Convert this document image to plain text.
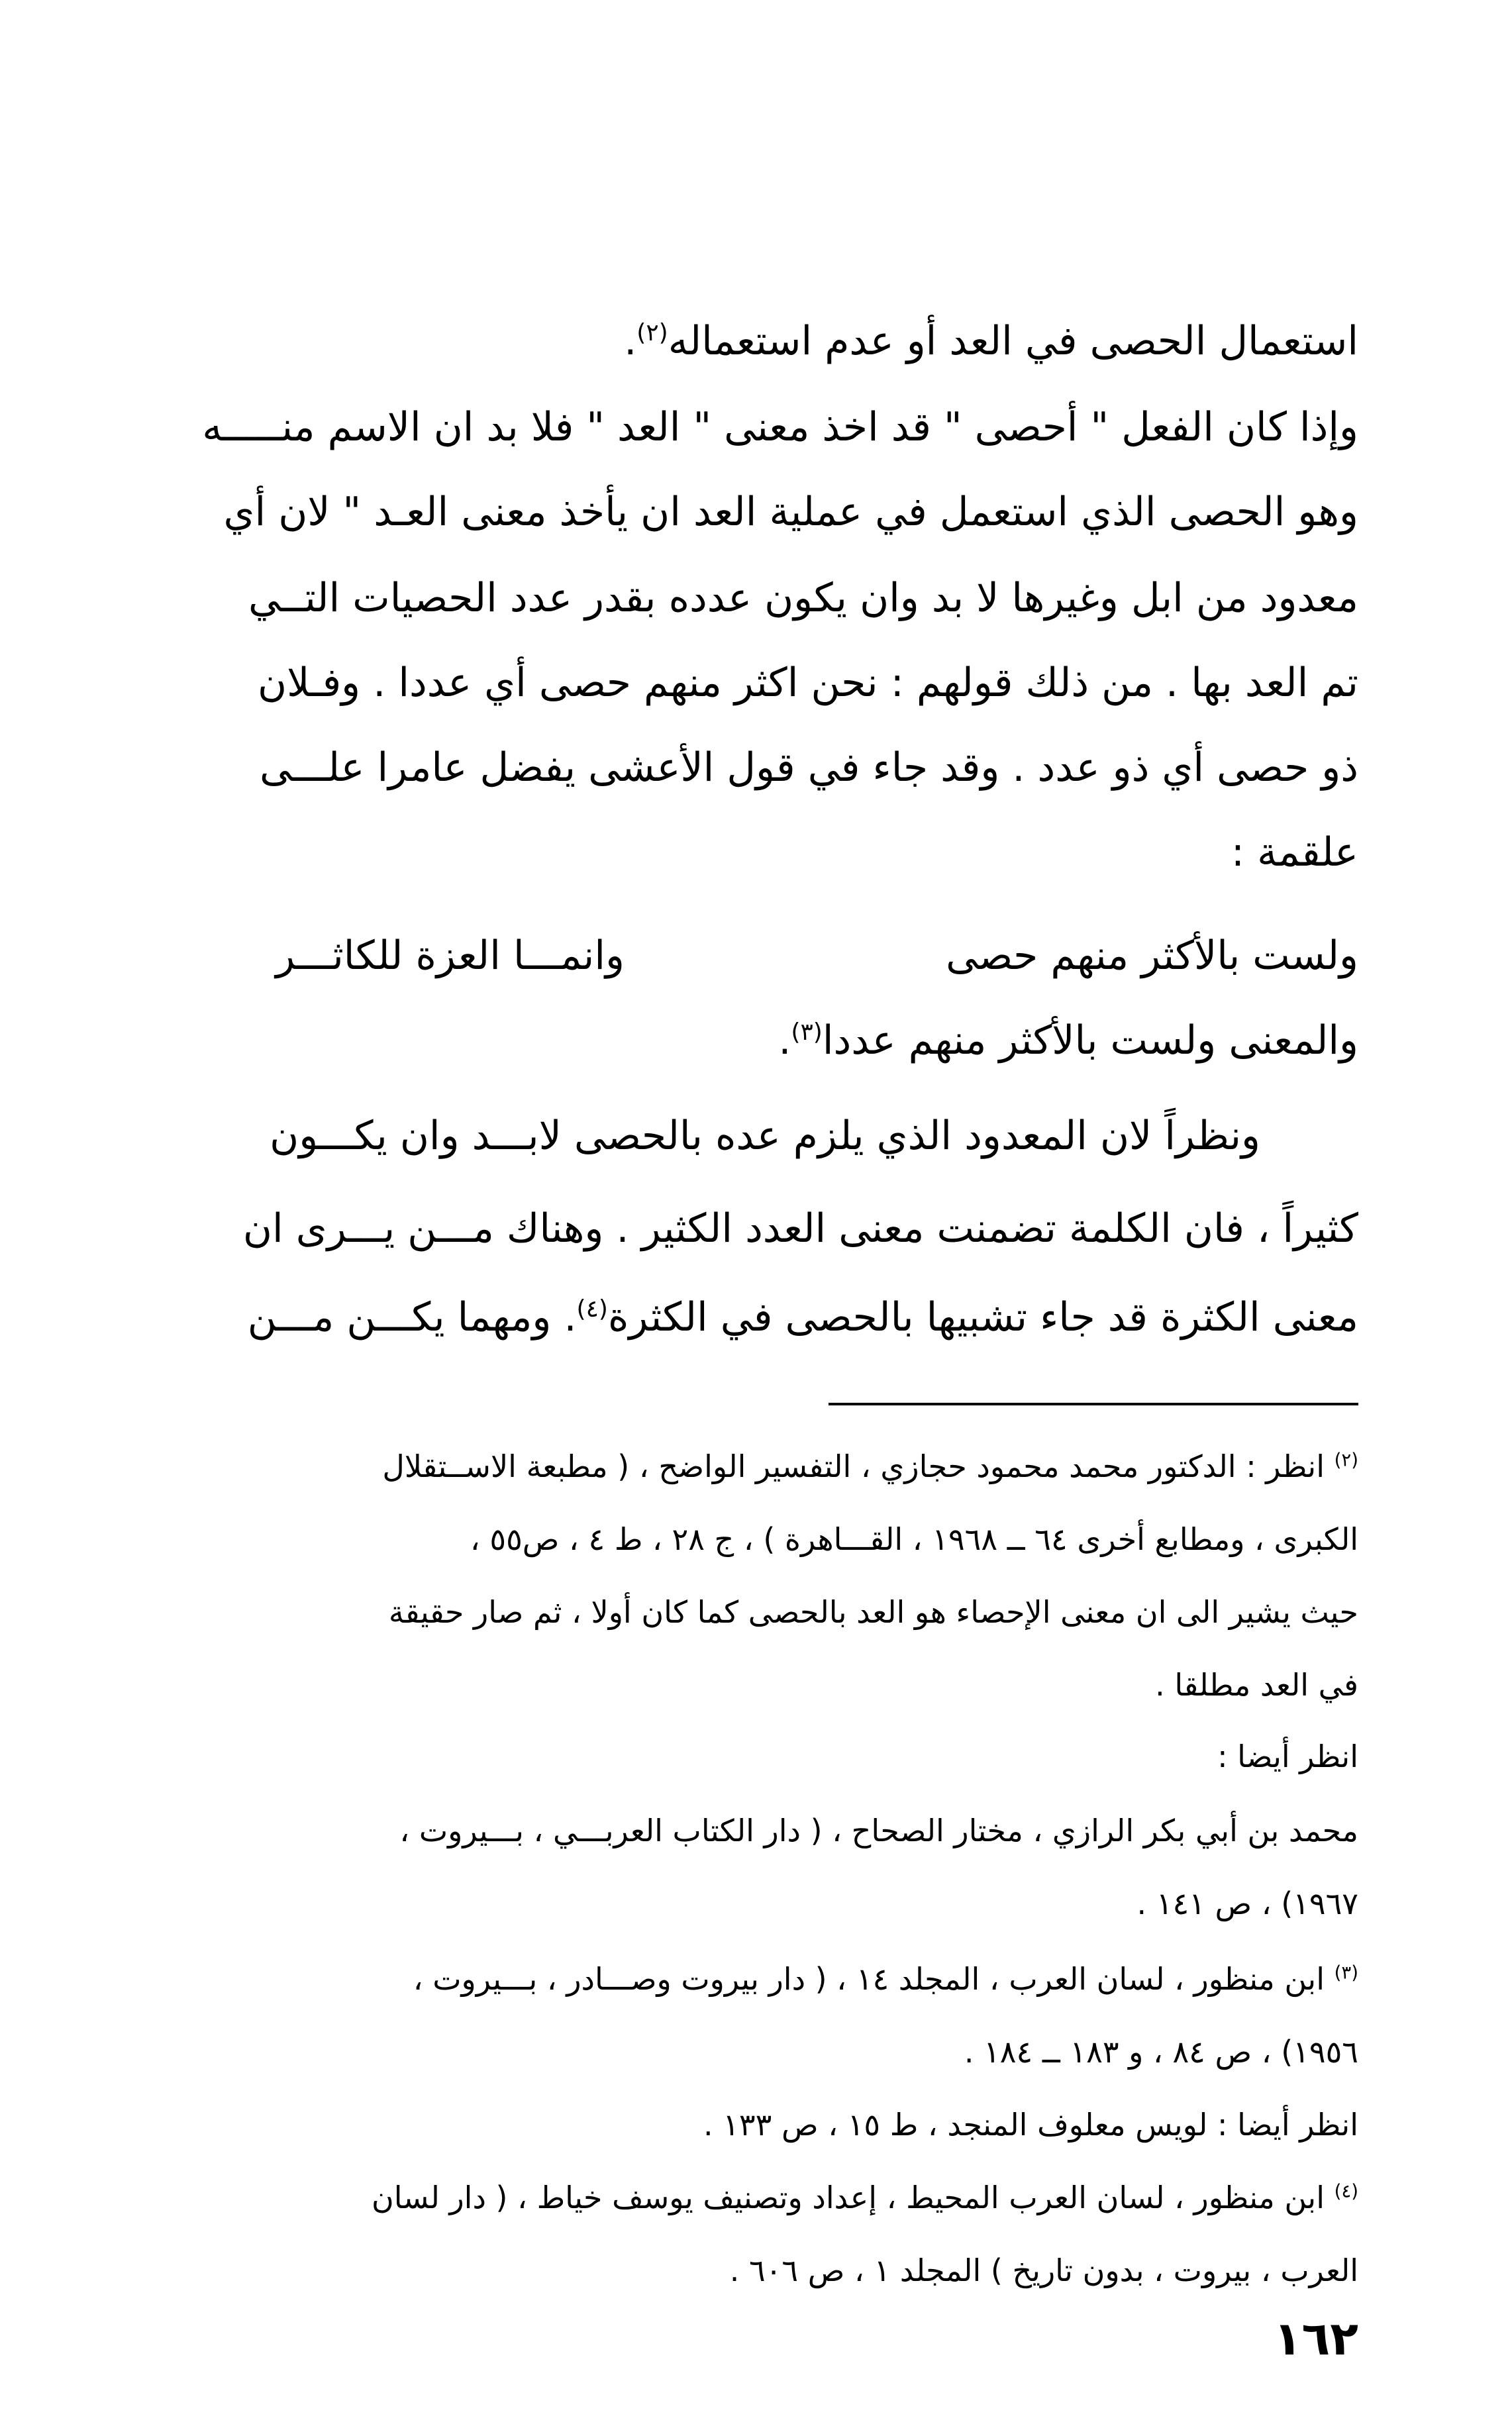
استعمال الحصى في العد أو عدم استعماله$^{(٢)}$.
وإذا كان الفعل " أحصى " قد اخذ معنى " العد " فلا بد ان الاسم منـــــه
وهو الحصى الذي استعمل في عملية العد ان يأخذ معنى العـد " لان أي
معدود من ابل وغيرها لا بد وان يكون عدده بقدر عدد الحصيات التــي
تم العد بها . من ذلك قولهم : نحن اكثر منهم حصى أي عددا . وفـلان
ذو حصى أي ذو عدد . وقد جاء في قول الأعشى يفضل عامرا علـــى
علقمة :
ولست بالأكثر منهم حصى
وانمـــا العزة للكاثـــر
والمعنى ولست بالأكثر منهم عددا$^{(٣)}$.
ونظراً لان المعدود الذي يلزم عده بالحصى لابـــد وان يكـــون
كثيراً ، فان الكلمة تضمنت معنى العدد الكثير . وهناك مـــن يـــرى ان
معنى الكثرة قد جاء تشبيها بالحصى في الكثرة$^{(٤)}$. ومهما يكـــن مـــن
$^{(٢)}$ انظر : الدكتور محمد محمود حجازي ، التفسير الواضح ، ( مطبعة الاســتقلال
الكبرى ، ومطابع أخرى ٦٤ ــ ١٩٦٨ ، القـــاهرة ) ، ج ٢٨ ، ط ٤ ، ص٥٥ ،
حيث يشير الى ان معنى الإحصاء هو العد بالحصى كما كان أولا ، ثم صار حقيقة
في العد مطلقا .
انظر أيضا :
محمد بن أبي بكر الرازي ، مختار الصحاح ، ( دار الكتاب العربـــي ، بـــيروت ،
١٩٦٧) ، ص ١٤١ .
$^{(٣)}$ ابن منظور ، لسان العرب ، المجلد ١٤ ، ( دار بيروت وصـــادر ، بـــيروت ،
١٩٥٦) ، ص ٨٤ ، و ١٨٣ ــ ١٨٤ .
انظر أيضا : لويس معلوف المنجد ، ط ١٥ ، ص ١٣٣ .
$^{(٤)}$ ابن منظور ، لسان العرب المحيط ، إعداد وتصنيف يوسف خياط ، ( دار لسان
العرب ، بيروت ، بدون تاريخ ) المجلد ١ ، ص ٦٠٦ .
١٦٢
